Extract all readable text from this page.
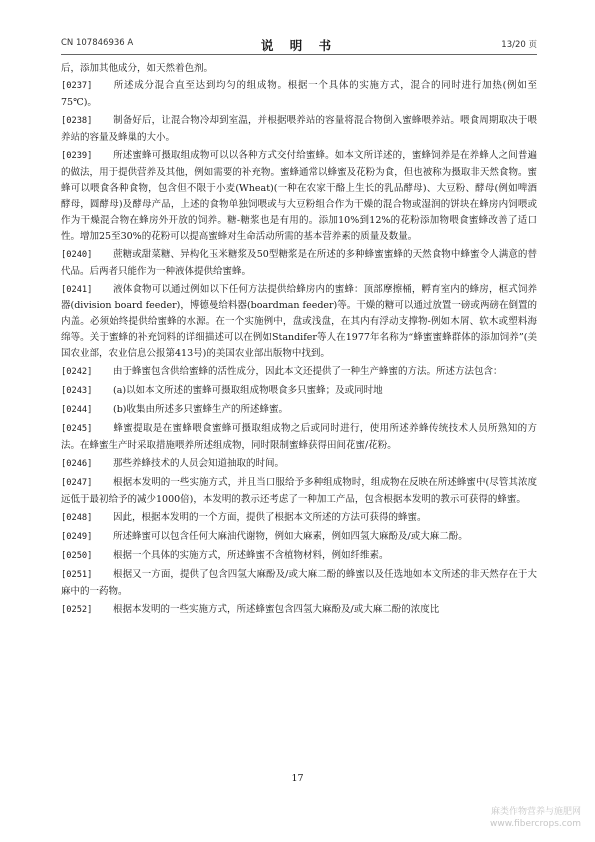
CN 107846936 A	说 明 书	13/20 页

后，添加其他成分，如天然着色剂。

[0237] 所述成分混合直至达到均匀的组成物。根据一个具体的实施方式，混合的同时进行加热(例如至75℃)。

[0238] 制备好后，让混合物冷却到室温，并根据喂养站的容量将混合物倒入蜜蜂喂养站。喂食周期取决于喂养站的容量及蜂巢的大小。

[0239] 所述蜜蜂可摄取组成物可以以各种方式交付给蜜蜂。如本文所详述的，蜜蜂饲养是在养蜂人之间普遍的做法，用于提供营养及其他，例如需要的补充物。蜜蜂通常以蜂蜜及花粉为食，但也被称为摄取非天然食物。蜜蜂可以喂食各种食物，包含但不限于小麦(Wheat)(一种在农家干酪上生长的乳品酵母)、大豆粉、酵母(例如啤酒酵母，圆酵母)及酵母产品，上述的食物单独饲喂或与大豆粉组合作为干燥的混合物或湿润的饼块在蜂房内饲喂或作为干燥混合物在蜂房外开放的饲养。糖-糖浆也是有用的。添加10%到12%的花粉添加物喂食蜜蜂改善了适口性。增加25至30%的花粉可以提高蜜蜂对生命活动所需的基本营养素的质量及数量。

[0240] 蔗糖或甜菜糖、异构化玉米糖浆及50型糖浆是在所述的多种蜂蜜蜜蜂的天然食物中蜂蜜令人满意的替代品。后两者只能作为一种液体提供给蜜蜂。

[0241] 液体食物可以通过例如以下任何方法提供给蜂房内的蜜蜂：顶部摩擦桶，孵育室内的蜂房，框式饲养器(division board feeder)，博德曼给料器(boardman feeder)等。干燥的糖可以通过放置一磅或两磅在倒置的内盖。必须始终提供给蜜蜂的水源。在一个实施例中，盘或浅盘，在其内有浮动支撑物-例如木屑、软木或塑料海绵等。关于蜜蜂的补充饲料的详细描述可以在例如Standifer等人在1977年名称为“蜂蜜蜜蜂群体的添加饲养”(美国农业部，农业信息公报第413号)的美国农业部出版物中找到。

[0242] 由于蜂蜜包含供给蜜蜂的活性成分，因此本文还提供了一种生产蜂蜜的方法。所述方法包含：

[0243] (a)以如本文所述的蜜蜂可摄取组成物喂食多只蜜蜂；及或同时地

[0244] (b)收集由所述多只蜜蜂生产的所述蜂蜜。

[0245] 蜂蜜提取是在蜜蜂喂食蜜蜂可摄取组成物之后或同时进行，使用所述养蜂传统技术人员所熟知的方法。在蜂蜜生产时采取措施喂养所述组成物，同时限制蜜蜂获得田间花蜜/花粉。

[0246] 那些养蜂技术的人员会知道抽取的时间。

[0247] 根据本发明的一些实施方式，并且当口服给予多种组成物时，组成物在反映在所述蜂蜜中(尽管其浓度远低于最初给予的减少1000倍)，本发明的教示还考虑了一种加工产品，包含根据本发明的教示可获得的蜂蜜。

[0248] 因此，根据本发明的一个方面，提供了根据本文所述的方法可获得的蜂蜜。

[0249] 所述蜂蜜可以包含任何大麻油代谢物，例如大麻素，例如四氢大麻酚及/或大麻二酚。

[0250] 根据一个具体的实施方式，所述蜂蜜不含植物材料，例如纤维素。

[0251] 根据又一方面，提供了包含四氢大麻酚及/或大麻二酚的蜂蜜以及任选地如本文所述的非天然存在于大麻中的一药物。

[0252] 根据本发明的一些实施方式，所述蜂蜜包含四氢大麻酚及/或大麻二酚的浓度比

17
麻类作物营养与施肥网
www.fibercrops.com
